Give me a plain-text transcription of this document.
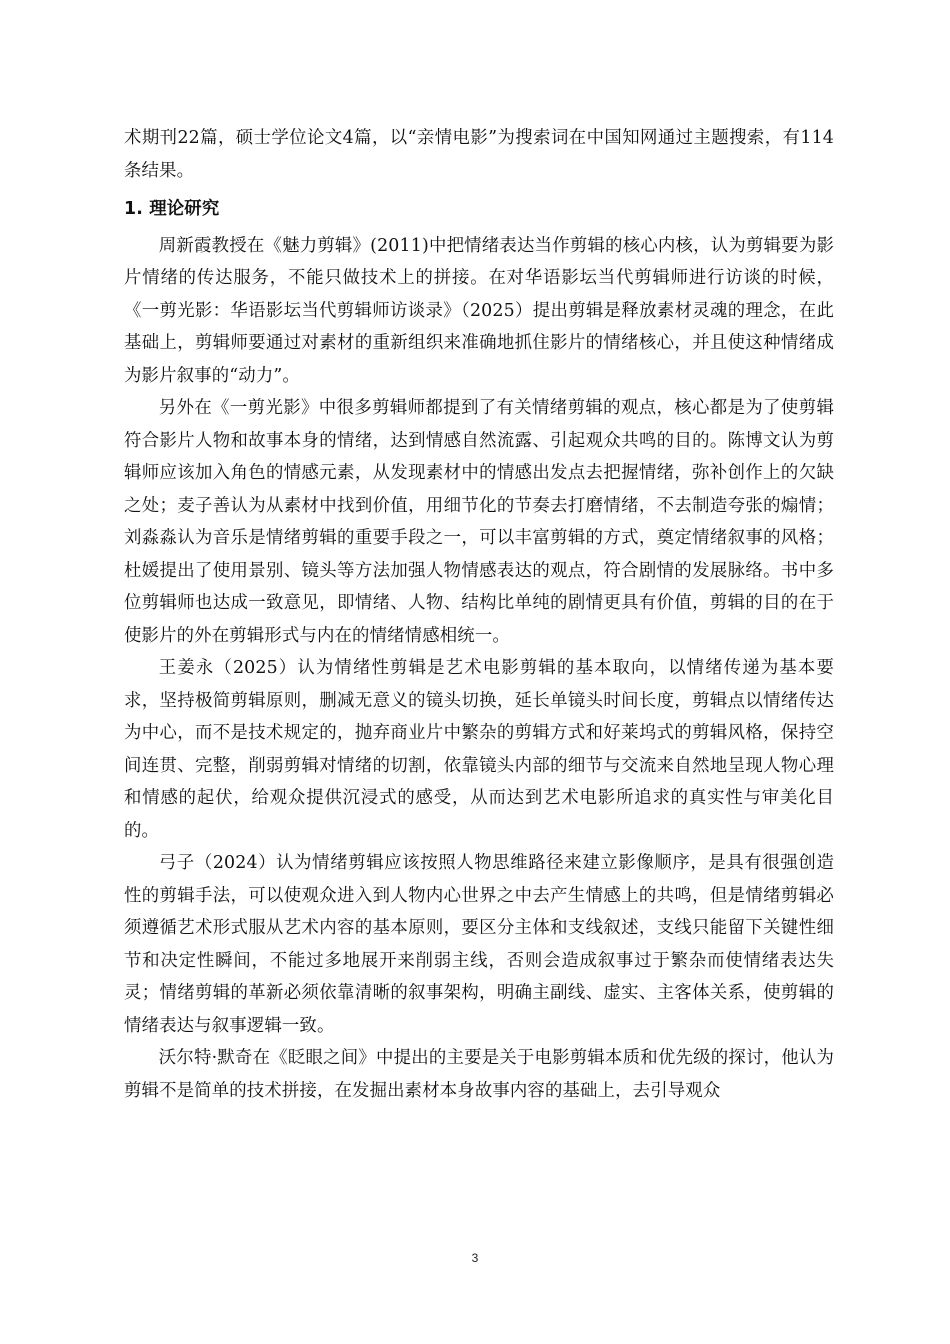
术期刊22篇，硕士学位论文4篇，以“亲情电影”为搜索词在中国知网通过主题搜索，有114条结果。

1. 理论研究

周新霞教授在《魅力剪辑》(2011)中把情绪表达当作剪辑的核心内核，认为剪辑要为影片情绪的传达服务，不能只做技术上的拼接。在对华语影坛当代剪辑师进行访谈的时候，《一剪光影：华语影坛当代剪辑师访谈录》（2025）提出剪辑是释放素材灵魂的理念，在此基础上，剪辑师要通过对素材的重新组织来准确地抓住影片的情绪核心，并且使这种情绪成为影片叙事的“动力”。

另外在《一剪光影》中很多剪辑师都提到了有关情绪剪辑的观点，核心都是为了使剪辑符合影片人物和故事本身的情绪，达到情感自然流露、引起观众共鸣的目的。陈博文认为剪辑师应该加入角色的情感元素，从发现素材中的情感出发点去把握情绪，弥补创作上的欠缺之处；麦子善认为从素材中找到价值，用细节化的节奏去打磨情绪，不去制造夸张的煽情；刘淼淼认为音乐是情绪剪辑的重要手段之一，可以丰富剪辑的方式，奠定情绪叙事的风格；杜媛提出了使用景别、镜头等方法加强人物情感表达的观点，符合剧情的发展脉络。书中多位剪辑师也达成一致意见，即情绪、人物、结构比单纯的剧情更具有价值，剪辑的目的在于使影片的外在剪辑形式与内在的情绪情感相统一。

王姜永（2025）认为情绪性剪辑是艺术电影剪辑的基本取向，以情绪传递为基本要求，坚持极简剪辑原则，删减无意义的镜头切换，延长单镜头时间长度，剪辑点以情绪传达为中心，而不是技术规定的，抛弃商业片中繁杂的剪辑方式和好莱坞式的剪辑风格，保持空间连贯、完整，削弱剪辑对情绪的切割，依靠镜头内部的细节与交流来自然地呈现人物心理和情感的起伏，给观众提供沉浸式的感受，从而达到艺术电影所追求的真实性与审美化目的。

弓子（2024）认为情绪剪辑应该按照人物思维路径来建立影像顺序，是具有很强创造性的剪辑手法，可以使观众进入到人物内心世界之中去产生情感上的共鸣，但是情绪剪辑必须遵循艺术形式服从艺术内容的基本原则，要区分主体和支线叙述，支线只能留下关键性细节和决定性瞬间，不能过多地展开来削弱主线，否则会造成叙事过于繁杂而使情绪表达失灵；情绪剪辑的革新必须依靠清晰的叙事架构，明确主副线、虚实、主客体关系，使剪辑的情绪表达与叙事逻辑一致。

沃尔特·默奇在《眨眼之间》中提出的主要是关于电影剪辑本质和优先级的探讨，他认为剪辑不是简单的技术拼接，在发掘出素材本身故事内容的基础上，去引导观众

3
